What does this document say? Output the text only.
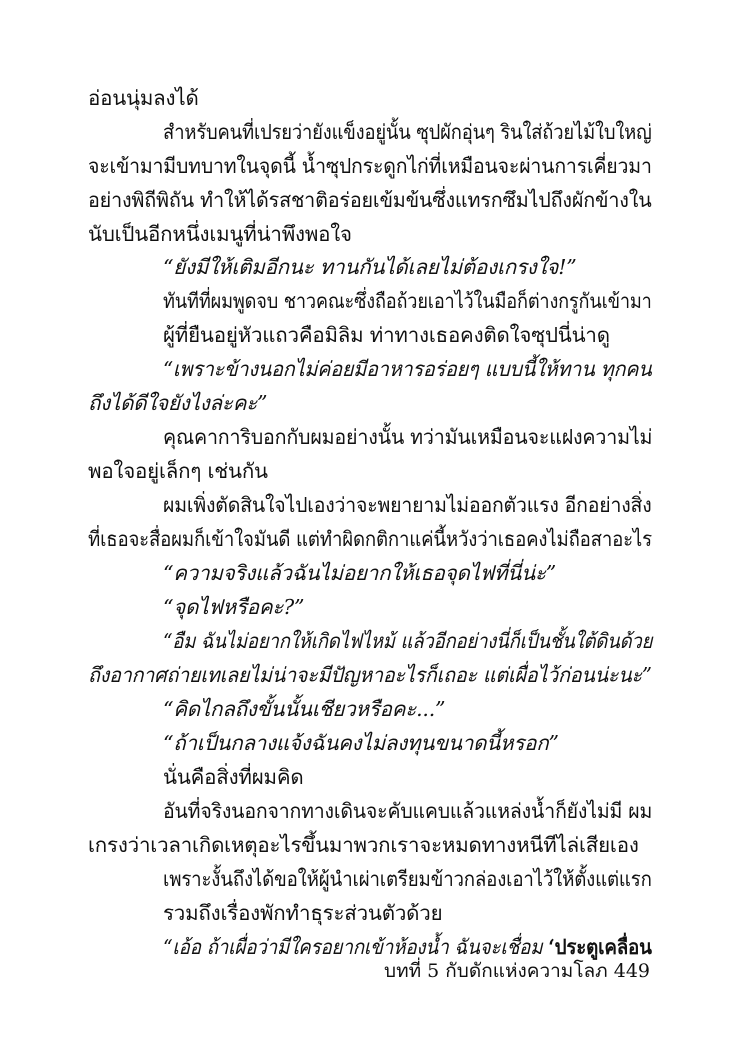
อ่อนนุ่มลงได้
สำหรับคนที่เปรยว่ายังแข็งอยู่นั้น ซุปผักอุ่นๆ รินใส่ถ้วยไม้ใบใหญ่
จะเข้ามามีบทบาทในจุดนี้ น้ำซุปกระดูกไก่ที่เหมือนจะผ่านการเคี่ยวมา
อย่างพิถีพิถัน ทำให้ได้รสชาติอร่อยเข้มข้นซึ่งแทรกซึมไปถึงผักข้างใน
นับเป็นอีกหนึ่งเมนูที่น่าพึงพอใจ
“ยังมีให้เติมอีกนะ ทานกันได้เลยไม่ต้องเกรงใจ!”
ทันทีที่ผมพูดจบ ชาวคณะซึ่งถือถ้วยเอาไว้ในมือก็ต่างกรูกันเข้ามา
ผู้ที่ยืนอยู่หัวแถวคือมิลิม ท่าทางเธอคงติดใจซุปนี่น่าดู
“เพราะข้างนอกไม่ค่อยมีอาหารอร่อยๆ แบบนี้ให้ทาน ทุกคน
ถึงได้ดีใจยังไงล่ะคะ”
คุณคาการิบอกกับผมอย่างนั้น ทว่ามันเหมือนจะแฝงความไม่
พอใจอยู่เล็กๆ เช่นกัน
ผมเพิ่งตัดสินใจไปเองว่าจะพยายามไม่ออกตัวแรง อีกอย่างสิ่ง
ที่เธอจะสื่อผมก็เข้าใจมันดี แต่ทำผิดกติกาแค่นี้หวังว่าเธอคงไม่ถือสาอะไร
“ความจริงแล้วฉันไม่อยากให้เธอจุดไฟที่นี่น่ะ”
“จุดไฟหรือคะ?”
“อืม ฉันไม่อยากให้เกิดไฟไหม้ แล้วอีกอย่างนี่ก็เป็นชั้นใต้ดินด้วย
ถึงอากาศถ่ายเทเลยไม่น่าจะมีปัญหาอะไรก็เถอะ แต่เผื่อไว้ก่อนน่ะนะ”
“คิดไกลถึงขั้นนั้นเชียวหรือคะ...”
“ถ้าเป็นกลางแจ้งฉันคงไม่ลงทุนขนาดนี้หรอก”
นั่นคือสิ่งที่ผมคิด
อันที่จริงนอกจากทางเดินจะคับแคบแล้วแหล่งน้ำก็ยังไม่มี ผม
เกรงว่าเวลาเกิดเหตุอะไรขึ้นมาพวกเราจะหมดทางหนีทีไล่เสียเอง
เพราะงั้นถึงได้ขอให้ผู้นำเผ่าเตรียมข้าวกล่องเอาไว้ให้ตั้งแต่แรก
รวมถึงเรื่องพักทำธุระส่วนตัวด้วย
“เอ้อ ถ้าเผื่อว่ามีใครอยากเข้าห้องน้ำ ฉันจะเชื่อม ‘ประตูเคลื่อน
บทที่ 5 กับดักแห่งความโลภ 449
